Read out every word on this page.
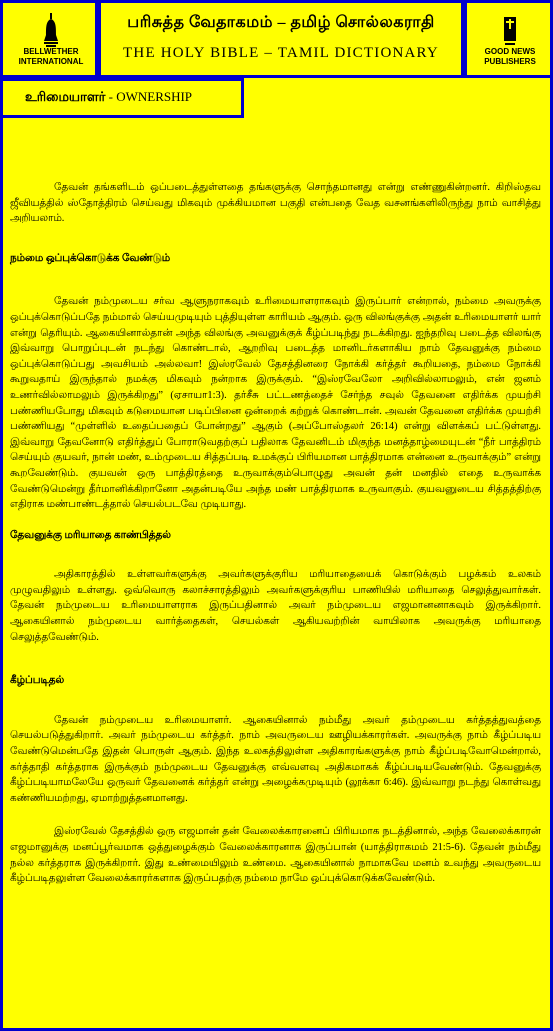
BELLWETHER
INTERNATIONAL
பரிசுத்த வேதாகமம் – தமிழ் சொல்லகராதி
THE HOLY BIBLE – TAMIL DICTIONARY	GOOD NEWS
PUBLISHERS
உரிமையாளர் - OWNERSHIP

தேவன் தங்களிடம் ஒப்படைத்துள்ளதை தங்களுக்கு சொந்தமானது என்று எண்ணுகின்றனர். கிறிஸ்தவ ஜீவியத்தில் ஸ்தோத்திரம் செய்வது மிகவும் முக்கியமான பகுதி என்பதை வேத வசனங்களிலிருந்து நாம் வாசித்து அறியலாம்.

நம்மை ஒப்புக்கொடுக்க வேண்டும்

தேவன் நம்முடைய சர்வ ஆளுநராகவும் உரிமையாளராகவும் இருப்பார் என்றால், நம்மை அவருக்கு ஒப்புக்கொடுப்பதே நம்மால் செய்யமுடியும் புத்தியுள்ள காரியம் ஆகும். ஒரு விலங்குக்கு அதன் உரிமையாளர் யார் என்று தெரியும். ஆகையினால்தான் அந்த விலங்கு அவனுக்குக் கீழ்ப்படிந்து நடக்கிறது. ஐந்தறிவு படைத்த விலங்கு இவ்வாறு பொறுப்புடன் நடந்து கொண்டால், ஆறறிவு படைத்த மானிடர்களாகிய நாம் தேவனுக்கு நம்மை ஒப்புக்கொடுப்பது அவசியம் அல்லவா! இஸ்ரவேல் தேசத்தினரை நோக்கி கர்த்தர் கூறியதை, நம்மை நோக்கி கூறுவதாய் இருந்தால் நமக்கு மிகவும் நன்றாக இருக்கும். “இஸ்ரவேலோ அறிவில்லாமலும், என் ஜனம் உணர்வில்லாமலும் இருக்கிறது” (ஏசாயா1:3). தர்சீசு பட்டணத்தைச் சேர்ந்த சவுல் தேவனை எதிர்க்க முயற்சி பண்ணியபோது மிகவும் கடுமையான படிப்பினை ஒன்றைக் கற்றுக் கொண்டான். அவன் தேவனை எதிர்க்க முயற்சி பண்ணியது “முள்ளில் உதைப்பதைப் போன்றது” ஆகும் (அப்போஸ்தலர் 26:14) என்று விளக்கப் பட்டுள்ளது. இவ்வாறு தேவனோடு எதிர்த்துப் போராடுவதற்குப் பதிலாக தேவனிடம் மிகுந்த மனத்தாழ்மையுடன் “நீர் பாத்திரம் செய்யும் குயவர், நான் மண், உம்முடைய சித்தப்படி உமக்குப் பிரியமான பாத்திரமாக என்னை உருவாக்கும்” என்று கூறவேண்டும். குயவன் ஒரு பாத்திரத்தை உருவாக்கும்பொழுது அவன் தன் மனதில் எதை உருவாக்க வேண்டுமென்று தீர்மானிக்கிறானோ அதன்படியே அந்த மண் பாத்திரமாக உருவாகும். குயவனுடைய சித்தத்திற்கு எதிராக மண்பாண்டத்தால் செயல்படவே முடியாது.

தேவனுக்கு மரியாதை காண்பித்தல்

அதிகாரத்தில் உள்ளவர்களுக்கு அவர்களுக்குரிய மரியாதையைக் கொடுக்கும் பழக்கம் உலகம் முழுவதிலும் உள்ளது. ஒவ்வொரு கலாச்சாரத்திலும் அவர்களுக்குரிய பாணியில் மரியாதை செலுத்துவார்கள். தேவன் நம்முடைய உரிமையாளராக இருப்பதினால் அவர் நம்முடைய எஜமானனாகவும் இருக்கிறார். ஆகையினால் நம்முடைய வார்த்தைகள், செயல்கள் ஆகியவற்றின் வாயிலாக அவருக்கு மரியாதை செலுத்தவேண்டும்.

கீழ்ப்படிதல்

தேவன் நம்முடைய உரிமையாளர். ஆகையினால் நம்மீது அவர் தம்முடைய கர்த்தத்துவத்தை செயல்படுத்துகிறார். அவர் நம்முடைய கர்த்தர். நாம் அவருடைய ஊழியக்காரர்கள். அவருக்கு நாம் கீழ்ப்படிய வேண்டுமென்பதே இதன் பொருள் ஆகும். இந்த உலகத்திலுள்ள அதிகாரங்களுக்கு நாம் கீழ்ப்படிவோமென்றால், கர்த்தாதி கர்த்தராக இருக்கும் நம்முடைய தேவனுக்கு எவ்வளவு அதிகமாகக் கீழ்ப்படியவேண்டும். தேவனுக்கு கீழ்ப்படியாமலேயே ஒருவர் தேவனைக் கர்த்தர் என்று அழைக்கமுடியும் (லூக்கா 6:46). இவ்வாறு நடந்து கொள்வது கண்ணியமற்றது, ஏமாற்றுத்தனமானது.

இஸ்ரவேல் தேசத்தில் ஒரு எஜமான் தன் வேலைக்காரனைப் பிரியமாக நடத்தினால், அந்த வேலைக்காரன் எஜமானுக்கு மனப்பூர்வமாக ஒத்துழைக்கும் வேலைக்காரனாக இருப்பான் (யாத்திராகமம் 21:5-6). தேவன் நம்மீது நல்ல கர்த்தராக இருக்கிறார். இது உண்மையிலும் உண்மை. ஆகையினால் நாமாகவே மனம் உவந்து அவருடைய கீழ்ப்படிதலுள்ள வேலைக்காரர்களாக இருப்பதற்கு நம்மை நாமே ஒப்புக்கொடுக்கவேண்டும்.
